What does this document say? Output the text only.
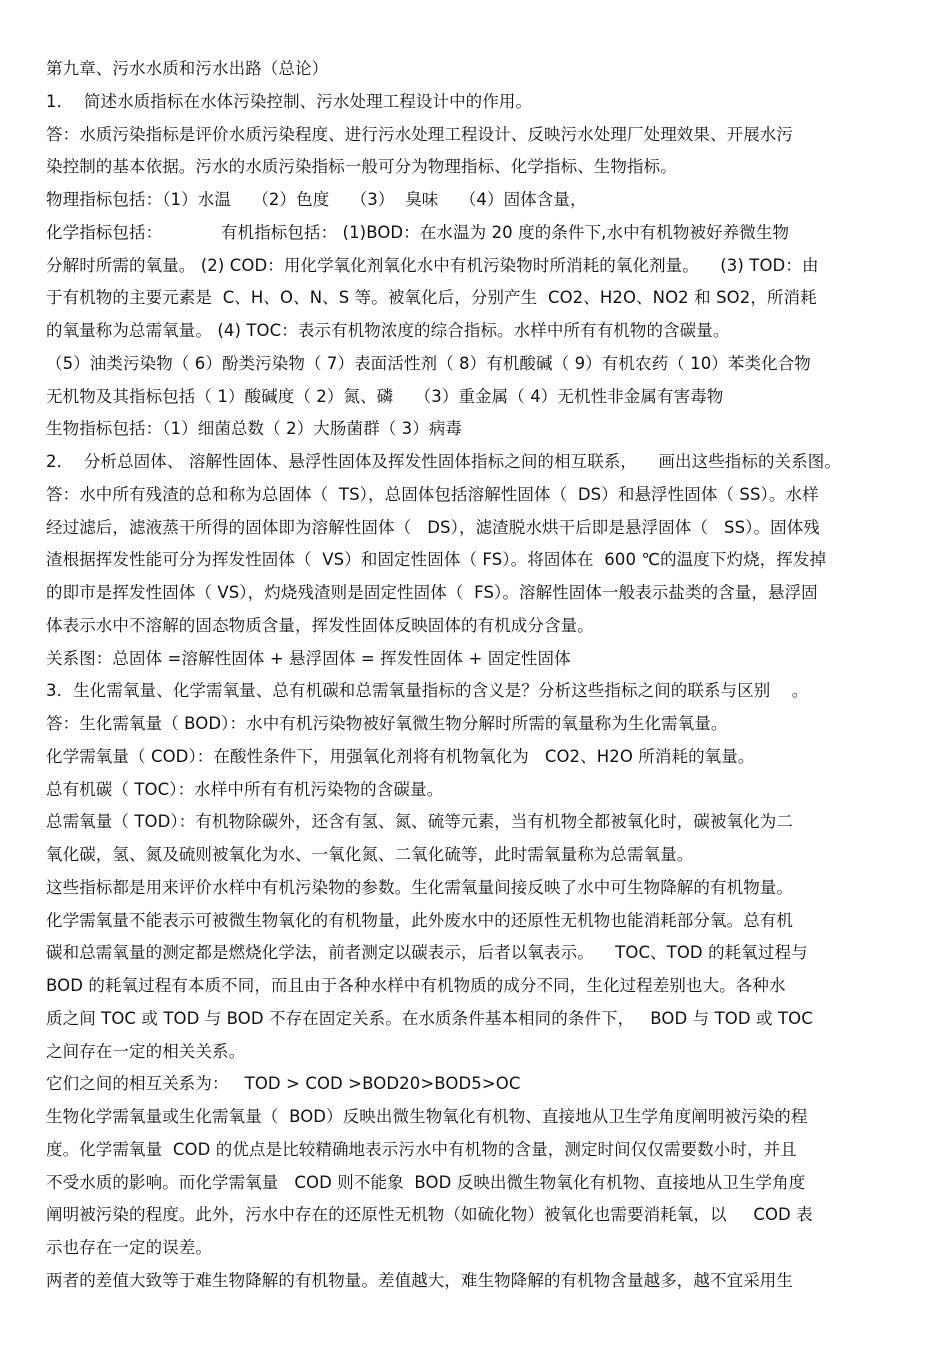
第九章、污水水质和污水出路（总论）
1．  简述水质指标在水体污染控制、污水处理工程设计中的作用。
答：水质污染指标是评价水质污染程度、进行污水处理工程设计、反映污水处理厂处理效果、开展水污
染控制的基本依据。污水的水质污染指标一般可分为物理指标、化学指标、生物指标。
物理指标包括：（1）水温    （2）色度    （3）  臭味    （4）固体含量，
化学指标包括：           有机指标包括： (1)BOD：在水温为 20 度的条件下,水中有机物被好养微生物
分解时所需的氧量。 (2) COD：用化学氧化剂氧化水中有机污染物时所消耗的氧化剂量。    (3) TOD：由
于有机物的主要元素是  C、H、O、N、S 等。被氧化后，分别产生  CO2、H2O、NO2 和 SO2，所消耗
的氧量称为总需氧量。 (4) TOC：表示有机物浓度的综合指标。水样中所有有机物的含碳量。
（5）油类污染物（ 6）酚类污染物（ 7）表面活性剂（ 8）有机酸碱（ 9）有机农药（ 10）苯类化合物
无机物及其指标包括（ 1）酸碱度（ 2）氮、磷    （3）重金属（ 4）无机性非金属有害毒物
生物指标包括：（1）细菌总数（ 2）大肠菌群（ 3）病毒
2．  分析总固体、 溶解性固体、悬浮性固体及挥发性固体指标之间的相互联系，    画出这些指标的关系图。
答：水中所有残渣的总和称为总固体（  TS），总固体包括溶解性固体（  DS）和悬浮性固体（ SS）。水样
经过滤后，滤液蒸干所得的固体即为溶解性固体（   DS），滤渣脱水烘干后即是悬浮固体（   SS）。固体残
渣根据挥发性能可分为挥发性固体（  VS）和固定性固体（ FS）。将固体在  600 ℃的温度下灼烧，挥发掉
的即市是挥发性固体（ VS），灼烧残渣则是固定性固体（  FS）。溶解性固体一般表示盐类的含量，悬浮固
体表示水中不溶解的固态物质含量，挥发性固体反映固体的有机成分含量。
关系图：总固体 =溶解性固体 + 悬浮固体 = 挥发性固体 + 固定性固体
3．生化需氧量、化学需氧量、总有机碳和总需氧量指标的含义是？分析这些指标之间的联系与区别    。
答：生化需氧量（ BOD）：水中有机污染物被好氧微生物分解时所需的氧量称为生化需氧量。
化学需氧量（ COD）：在酸性条件下，用强氧化剂将有机物氧化为   CO2、H2O 所消耗的氧量。
总有机碳（ TOC）：水样中所有有机污染物的含碳量。
总需氧量（ TOD）：有机物除碳外，还含有氢、氮、硫等元素，当有机物全都被氧化时，碳被氧化为二
氧化碳，氢、氮及硫则被氧化为水、一氧化氮、二氧化硫等，此时需氧量称为总需氧量。
这些指标都是用来评价水样中有机污染物的参数。生化需氧量间接反映了水中可生物降解的有机物量。
化学需氧量不能表示可被微生物氧化的有机物量，此外废水中的还原性无机物也能消耗部分氧。总有机
碳和总需氧量的测定都是燃烧化学法，前者测定以碳表示，后者以氧表示。    TOC、TOD 的耗氧过程与
BOD 的耗氧过程有本质不同，而且由于各种水样中有机物质的成分不同，生化过程差别也大。各种水
质之间 TOC 或 TOD 与 BOD 不存在固定关系。在水质条件基本相同的条件下，   BOD 与 TOD 或 TOC
之间存在一定的相关关系。
它们之间的相互关系为：   TOD > COD >BOD20>BOD5>OC
生物化学需氧量或生化需氧量（  BOD）反映出微生物氧化有机物、直接地从卫生学角度阐明被污染的程
度。化学需氧量  COD 的优点是比较精确地表示污水中有机物的含量，测定时间仅仅需要数小时，并且
不受水质的影响。而化学需氧量   COD 则不能象  BOD 反映出微生物氧化有机物、直接地从卫生学角度
阐明被污染的程度。此外，污水中存在的还原性无机物（如硫化物）被氧化也需要消耗氧，以     COD 表
示也存在一定的误差。
两者的差值大致等于难生物降解的有机物量。差值越大，难生物降解的有机物含量越多，越不宜采用生
